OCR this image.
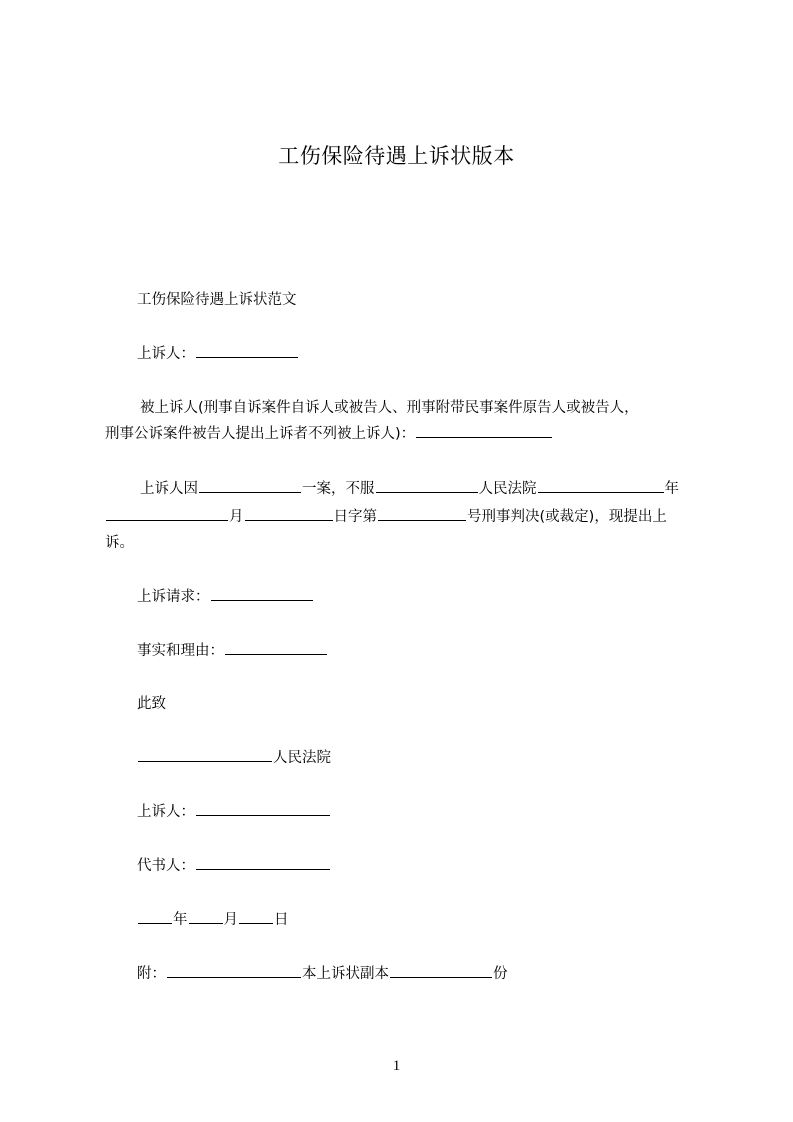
工伤保险待遇上诉状版本
工伤保险待遇上诉状范文
上诉人：
被上诉人(刑事自诉案件自诉人或被告人、刑事附带民事案件原告人或被告人，
刑事公诉案件被告人提出上诉者不列被上诉人)：
上诉人因	一案，不服	人民法院	年
月	日字第	号刑事判决(或裁定)，现提出上
诉。
上诉请求：
事实和理由：
此致
人民法院
上诉人：
代书人：
年 月 日
附：	本上诉状副本	份
1
